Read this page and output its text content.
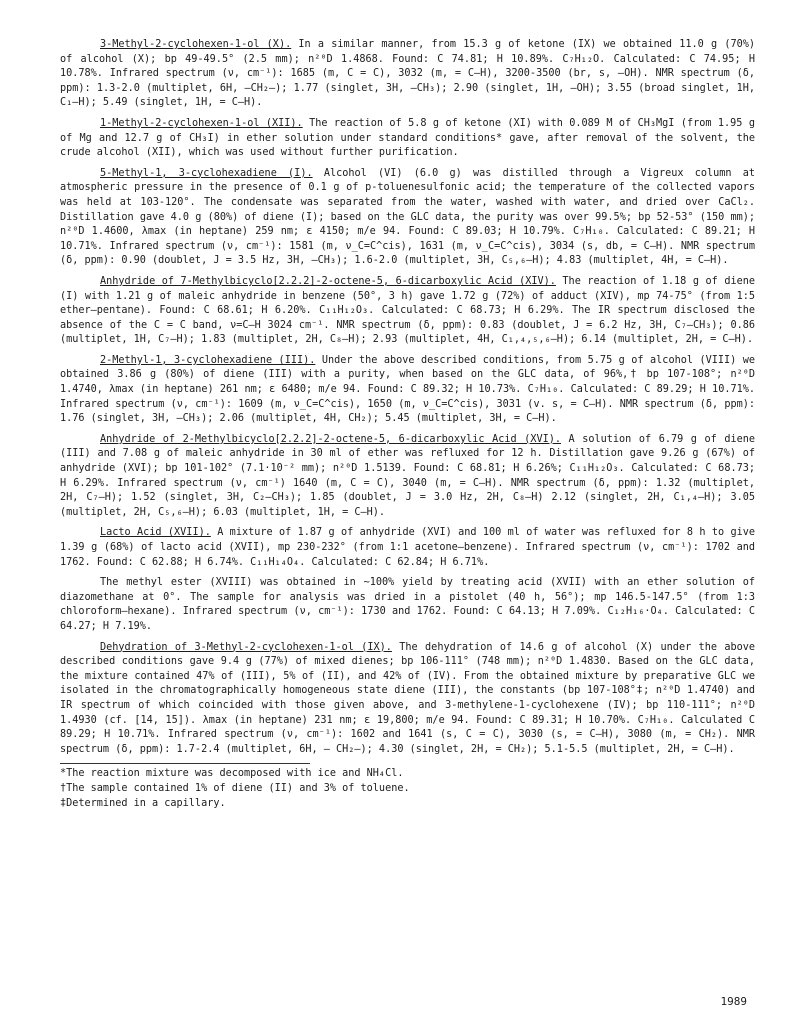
3-Methyl-2-cyclohexen-1-ol (X). In a similar manner, from 15.3 g of ketone (IX) we obtained 11.0 g (70%) of alcohol (X); bp 49-49.5° (2.5 mm); n²⁰D 1.4868. Found: C 74.81; H 10.89%. C₇H₁₂O. Calculated: C 74.95; H 10.78%. Infrared spectrum (ν, cm⁻¹): 1685 (m, C = C), 3032 (m, = C–H), 3200-3500 (br, s, –OH). NMR spectrum (δ, ppm): 1.3-2.0 (multiplet, 6H, –CH₂–); 1.77 (singlet, 3H, –CH₃); 2.90 (singlet, 1H, –OH); 3.55 (broad singlet, 1H, C₁–H); 5.49 (singlet, 1H, = C–H).

1-Methyl-2-cyclohexen-1-ol (XII). The reaction of 5.8 g of ketone (XI) with 0.089 M of CH₃MgI (from 1.95 g of Mg and 12.7 g of CH₃I) in ether solution under standard conditions* gave, after removal of the solvent, the crude alcohol (XII), which was used without further purification.

5-Methyl-1, 3-cyclohexadiene (I). Alcohol (VI) (6.0 g) was distilled through a Vigreux column at atmospheric pressure in the presence of 0.1 g of p-toluenesulfonic acid; the temperature of the collected vapors was held at 103-120°. The condensate was separated from the water, washed with water, and dried over CaCl₂. Distillation gave 4.0 g (80%) of diene (I); based on the GLC data, the purity was over 99.5%; bp 52-53° (150 mm); n²⁰D 1.4600, λmax (in heptane) 259 nm; ε 4150; m/e 94. Found: C 89.03; H 10.79%. C₇H₁₀. Calculated: C 89.21; H 10.71%. Infrared spectrum (ν, cm⁻¹): 1581 (m, ν_C=C^cis), 1631 (m, ν_C=C^cis), 3034 (s, db, = C–H). NMR spectrum (δ, ppm): 0.90 (doublet, J = 3.5 Hz, 3H, –CH₃); 1.6-2.0 (multiplet, 3H, C₅,₆–H); 4.83 (multiplet, 4H, = C–H).

Anhydride of 7-Methylbicyclo[2.2.2]-2-octene-5, 6-dicarboxylic Acid (XIV). The reaction of 1.18 g of diene (I) with 1.21 g of maleic anhydride in benzene (50°, 3 h) gave 1.72 g (72%) of adduct (XIV), mp 74-75° (from 1:5 ether–pentane). Found: C 68.61; H 6.20%. C₁₁H₁₂O₃. Calculated: C 68.73; H 6.29%. The IR spectrum disclosed the absence of the C = C band, ν=C–H 3024 cm⁻¹. NMR spectrum (δ, ppm): 0.83 (doublet, J = 6.2 Hz, 3H, C₇–CH₃); 0.86 (multiplet, 1H, C₇–H); 1.83 (multiplet, 2H, C₈–H); 2.93 (multiplet, 4H, C₁,₄,₅,₆–H); 6.14 (multiplet, 2H, = C–H).

2-Methyl-1, 3-cyclohexadiene (III). Under the above described conditions, from 5.75 g of alcohol (VIII) we obtained 3.86 g (80%) of diene (III) with a purity, when based on the GLC data, of 96%,† bp 107-108°; n²⁰D 1.4740, λmax (in heptane) 261 nm; ε 6480; m/e 94. Found: C 89.32; H 10.73%. C₇H₁₀. Calculated: C 89.29; H 10.71%. Infrared spectrum (ν, cm⁻¹): 1609 (m, ν_C=C^cis), 1650 (m, ν_C=C^cis), 3031 (v. s, = C–H). NMR spectrum (δ, ppm): 1.76 (singlet, 3H, –CH₃); 2.06 (multiplet, 4H, CH₂); 5.45 (multiplet, 3H, = C–H).

Anhydride of 2-Methylbicyclo[2.2.2]-2-octene-5, 6-dicarboxylic Acid (XVI). A solution of 6.79 g of diene (III) and 7.08 g of maleic anhydride in 30 ml of ether was refluxed for 12 h. Distillation gave 9.26 g (67%) of anhydride (XVI); bp 101-102° (7.1·10⁻² mm); n²⁰D 1.5139. Found: C 68.81; H 6.26%; C₁₁H₁₂O₃. Calculated: C 68.73; H 6.29%. Infrared spectrum (ν, cm⁻¹) 1640 (m, C = C), 3040 (m, = C–H). NMR spectrum (δ, ppm): 1.32 (multiplet, 2H, C₇–H); 1.52 (singlet, 3H, C₂–CH₃); 1.85 (doublet, J = 3.0 Hz, 2H, C₈–H) 2.12 (singlet, 2H, C₁,₄–H); 3.05 (multiplet, 2H, C₅,₆–H); 6.03 (multiplet, 1H, = C–H).

Lacto Acid (XVII). A mixture of 1.87 g of anhydride (XVI) and 100 ml of water was refluxed for 8 h to give 1.39 g (68%) of lacto acid (XVII), mp 230-232° (from 1:1 acetone–benzene). Infrared spectrum (ν, cm⁻¹): 1702 and 1762. Found: C 62.88; H 6.74%. C₁₁H₁₄O₄. Calculated: C 62.84; H 6.71%.

The methyl ester (XVIII) was obtained in ~100% yield by treating acid (XVII) with an ether solution of diazomethane at 0°. The sample for analysis was dried in a pistolet (40 h, 56°); mp 146.5-147.5° (from 1:3 chloroform–hexane). Infrared spectrum (ν, cm⁻¹): 1730 and 1762. Found: C 64.13; H 7.09%. C₁₂H₁₆·O₄. Calculated: C 64.27; H 7.19%.

Dehydration of 3-Methyl-2-cyclohexen-1-ol (IX). The dehydration of 14.6 g of alcohol (X) under the above described conditions gave 9.4 g (77%) of mixed dienes; bp 106-111° (748 mm); n²⁰D 1.4830. Based on the GLC data, the mixture contained 47% of (III), 5% of (II), and 42% of (IV). From the obtained mixture by preparative GLC we isolated in the chromatographically homogeneous state diene (III), the constants (bp 107-108°‡; n²⁰D 1.4740) and IR spectrum of which coincided with those given above, and 3-methylene-1-cyclohexene (IV); bp 110-111°; n²⁰D 1.4930 (cf. [14, 15]). λmax (in heptane) 231 nm; ε 19,800; m/e 94. Found: C 89.31; H 10.70%. C₇H₁₀. Calculated C 89.29; H 10.71%. Infrared spectrum (ν, cm⁻¹): 1602 and 1641 (s, C = C), 3030 (s, = C–H), 3080 (m, = CH₂). NMR spectrum (δ, ppm): 1.7-2.4 (multiplet, 6H, – CH₂–); 4.30 (singlet, 2H, = CH₂); 5.1-5.5 (multiplet, 2H, = C–H).

*The reaction mixture was decomposed with ice and NH₄Cl.

†The sample contained 1% of diene (II) and 3% of toluene.

‡Determined in a capillary.

1989
